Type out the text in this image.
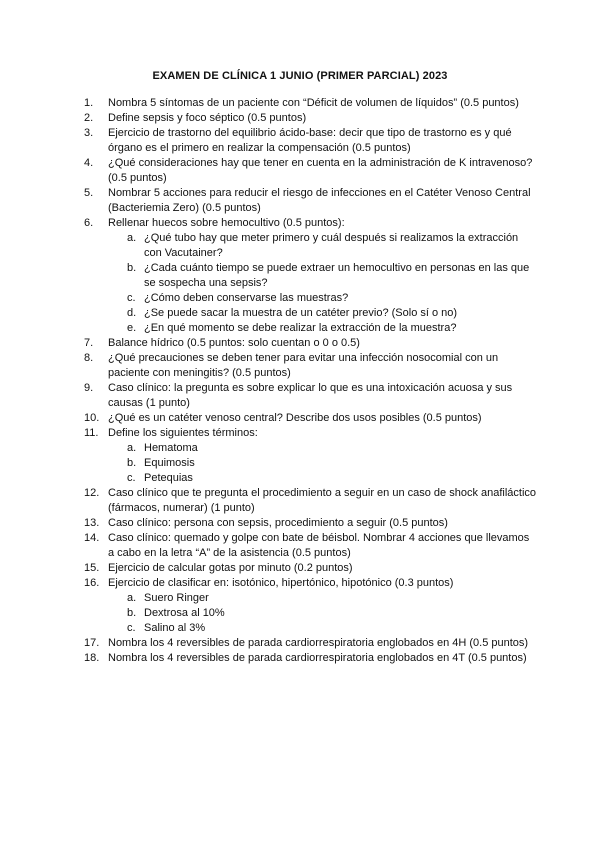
EXAMEN DE CLÍNICA 1 JUNIO (PRIMER PARCIAL) 2023
1.	Nombra 5 síntomas de un paciente con “Déficit de volumen de líquidos” (0.5 puntos)
2.	Define sepsis y foco séptico (0.5 puntos)
3.	Ejercicio de trastorno del equilibrio ácido-base: decir que tipo de trastorno es y qué órgano es el primero en realizar la compensación (0.5 puntos)
4.	¿Qué consideraciones hay que tener en cuenta en la administración de K intravenoso? (0.5 puntos)
5.	Nombrar 5 acciones para reducir el riesgo de infecciones en el Catéter Venoso Central (Bacteriemia Zero) (0.5 puntos)
6.	Rellenar huecos sobre hemocultivo (0.5 puntos):
a. ¿Qué tubo hay que meter primero y cuál después si realizamos la extracción con Vacutainer?
b. ¿Cada cuánto tiempo se puede extraer un hemocultivo en personas en las que se sospecha una sepsis?
c. ¿Cómo deben conservarse las muestras?
d. ¿Se puede sacar la muestra de un catéter previo? (Solo sí o no)
e. ¿En qué momento se debe realizar la extracción de la muestra?
7.	Balance hídrico (0.5 puntos: solo cuentan o 0 o 0.5)
8.	¿Qué precauciones se deben tener para evitar una infección nosocomial con un paciente con meningitis? (0.5 puntos)
9.	Caso clínico: la pregunta es sobre explicar lo que es una intoxicación acuosa y sus causas (1 punto)
10. ¿Qué es un catéter venoso central? Describe dos usos posibles (0.5 puntos)
11. Define los siguientes términos:
a. Hematoma
b. Equimosis
c. Petequias
12. Caso clínico que te pregunta el procedimiento a seguir en un caso de shock anafiláctico (fármacos, numerar) (1 punto)
13. Caso clínico: persona con sepsis, procedimiento a seguir (0.5 puntos)
14. Caso clínico: quemado y golpe con bate de béisbol. Nombrar 4 acciones que llevamos a cabo en la letra “A” de la asistencia (0.5 puntos)
15. Ejercicio de calcular gotas por minuto (0.2 puntos)
16. Ejercicio de clasificar en: isotónico, hipertónico, hipotónico (0.3 puntos)
a. Suero Ringer
b. Dextrosa al 10%
c. Salino al 3%
17. Nombra los 4 reversibles de parada cardiorrespiratoria englobados en 4H (0.5 puntos)
18. Nombra los 4 reversibles de parada cardiorrespiratoria englobados en 4T (0.5 puntos)
